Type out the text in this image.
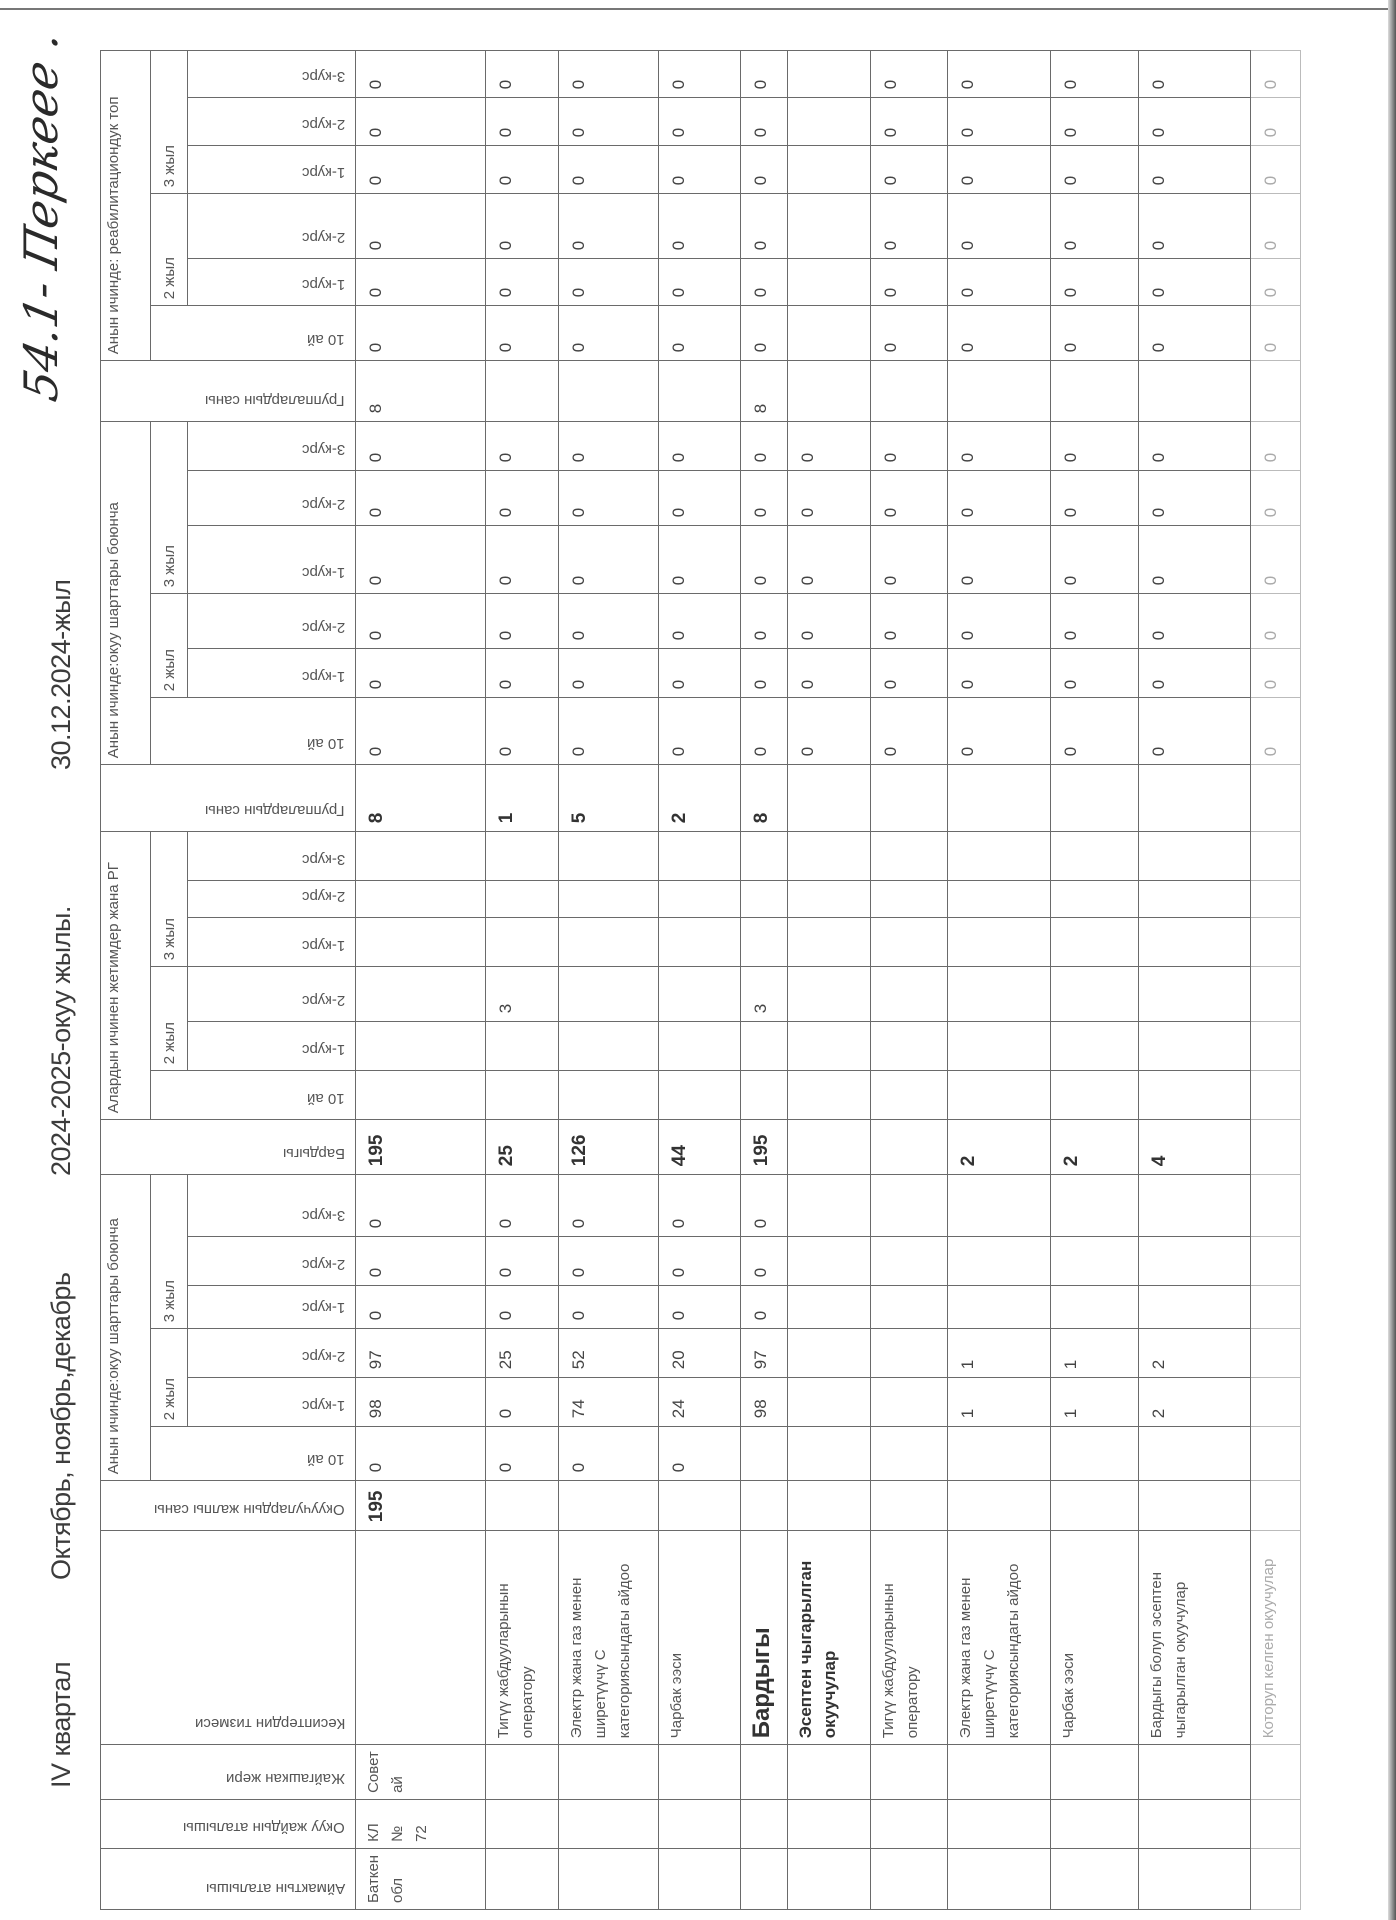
IV квартал
Октябрь, ноябрь,декабрь
2024-2025-окуу жылы.
30.12.2024-жыл
54.1- Перкеее .
Аймактын аталышы	Окуу жайдын аталышы	Жайгашкан жери	Кесиптердин тизмеси	Окуучулардын жалпы саны	Анын ичинде:окуу шарттары боюнча						Бардыгы	Алардын ичинен жетимдер жана РГ						Группалардын саны	Анын ичинде:окуу шарттары боюнча						Группалардын саны	Анын ичинде: реабилитациондук топ					
					10 ай	2 жыл		3 жыл				10 ай	2 жыл		3 жыл				10 ай	2 жыл		3 жыл				10 ай	2 жыл		3 жыл		
						1-курс	2-курс	1-курс	2-курс	3-курс			1-курс	2-курс	1-курс	2-курс	3-курс			1-курс	2-курс	1-курс	2-курс	3-курс			1-курс	2-курс	1-курс	2-курс	3-курс
Баткен обл	КЛ № 72	Совет ай		195	0	98	97	0	0	0	195							8	0	0	0	0	0	0	8	0	0	0	0	0	0
			Тигүү жабдууларынын оператору		0	0	25	0	0	0	25			3				1	0	0	0	0	0	0		0	0	0	0	0	0
			Электр жана газ менен ширетүүчү С категориясындагы айдоо		0	74	52	0	0	0	126							5	0	0	0	0	0	0		0	0	0	0	0	0
			Чарбак ээси		0	24	20	0	0	0	44							2	0	0	0	0	0	0		0	0	0	0	0	0
			Бардыгы			98	97	0	0	0	195			3				8	0	0	0	0	0	0	8	0	0	0	0	0	0
			Эсептен чыгарылган окуучулар																0	0	0	0	0	0							
			Тигүү жабдууларынын оператору																0	0	0	0	0	0		0	0	0	0	0	0
			Электр жана газ менен ширетүүчү С категориясындагы айдоо			1	1				2								0	0	0	0	0	0		0	0	0	0	0	0
			Чарбак ээси			1	1				2								0	0	0	0	0	0		0	0	0	0	0	0
			Бардыгы болуп эсептен чыгарылган окуучулар			2	2				4								0	0	0	0	0	0		0	0	0	0	0	0
			Которуп келген окуучулар																0	0	0	0	0	0		0	0	0	0	0	0
